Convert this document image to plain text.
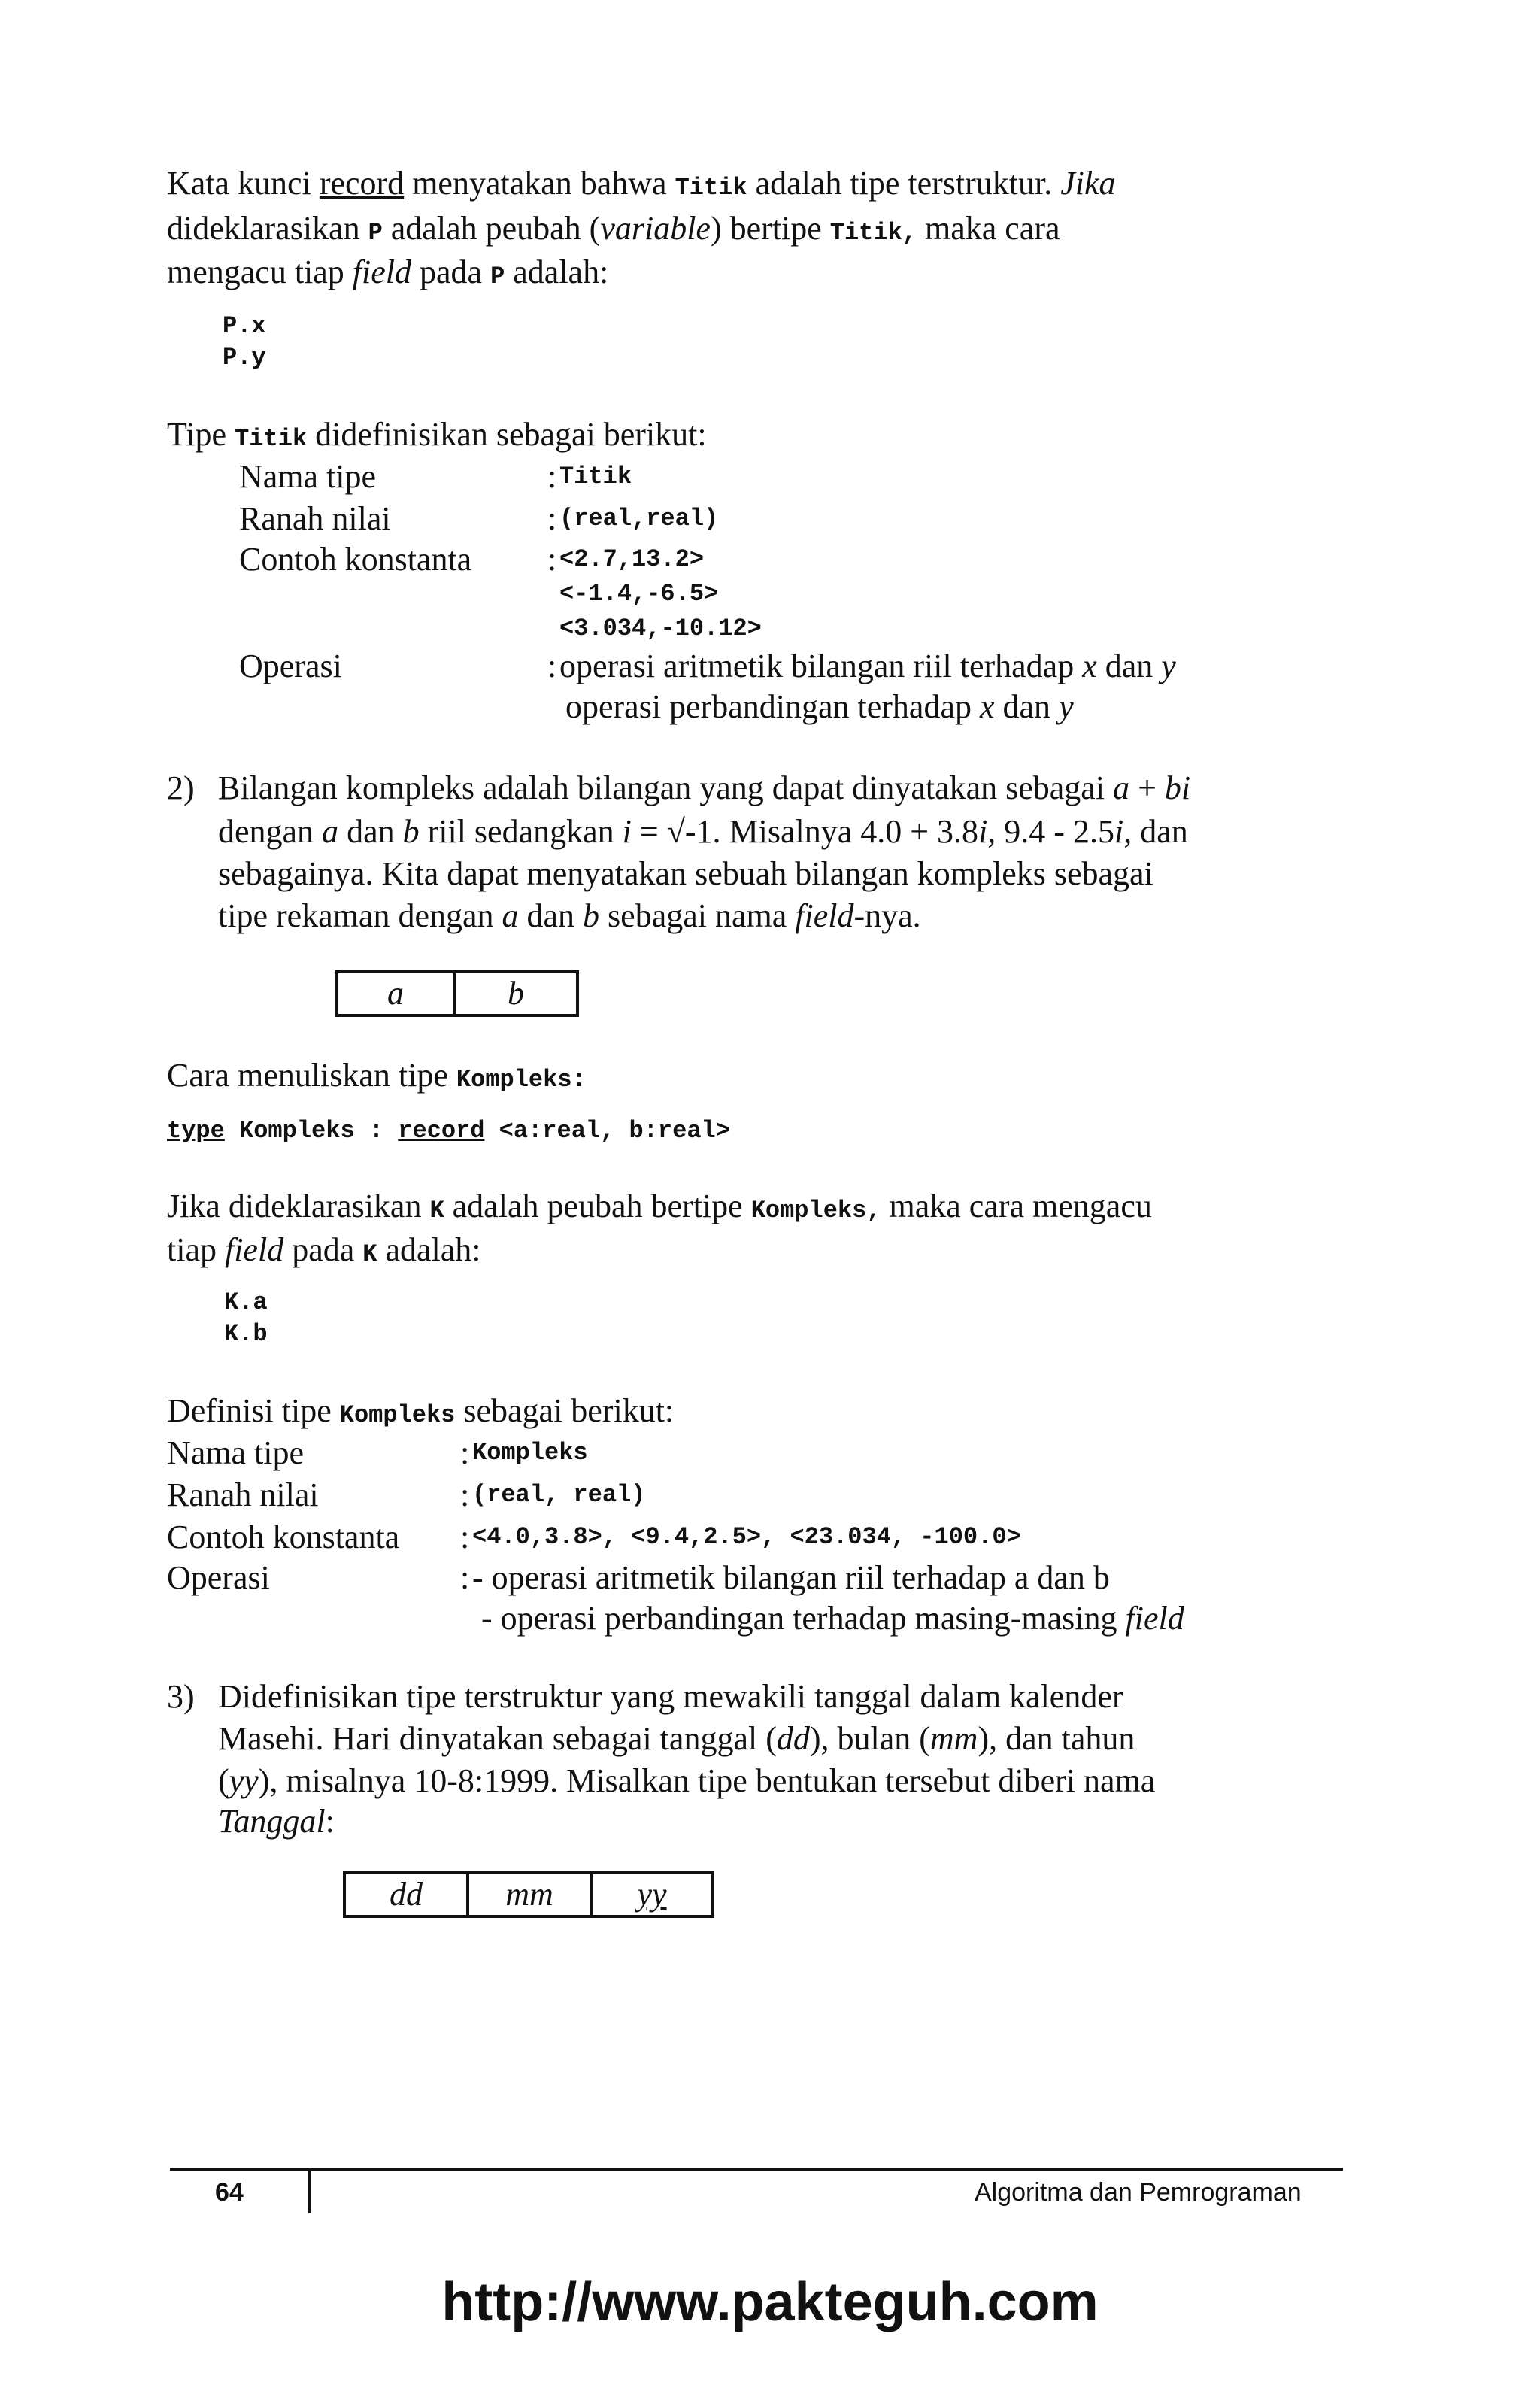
Kata kunci record menyatakan bahwa Titik adalah tipe terstruktur. Jika
dideklarasikan P adalah peubah (variable) bertipe Titik, maka cara
mengacu tiap field pada P adalah:
P.x
P.y
Tipe Titik didefinisikan sebagai berikut:
Nama tipe	: Titik
Ranah nilai	: (real,real)
Contoh konstanta : <2.7,13.2>
<-1.4,-6.5>
<3.034,-10.12>
Operasi	: operasi aritmetik bilangan riil terhadap x dan y
operasi perbandingan terhadap x dan y
2) Bilangan kompleks adalah bilangan yang dapat dinyatakan sebagai a + bi
dengan a dan b riil sedangkan i = √-1. Misalnya 4.0 + 3.8i, 9.4 - 2.5i, dan
sebagainya. Kita dapat menyatakan sebuah bilangan kompleks sebagai
tipe rekaman dengan a dan b sebagai nama field-nya.
a	b
Cara menuliskan tipe Kompleks:
type Kompleks : record <a:real, b:real>
Jika dideklarasikan K adalah peubah bertipe Kompleks, maka cara mengacu
tiap field pada K adalah:
K.a
K.b
Definisi tipe Kompleks sebagai berikut:
Nama tipe	: Kompleks
Ranah nilai	: (real, real)
Contoh konstanta : <4.0,3.8>, <9.4,2.5>, <23.034, -100.0>
Operasi	: - operasi aritmetik bilangan riil terhadap a dan b
- operasi perbandingan terhadap masing-masing field
3) Didefinisikan tipe terstruktur yang mewakili tanggal dalam kalender
Masehi. Hari dinyatakan sebagai tanggal (dd), bulan (mm), dan tahun
(yy), misalnya 10-8:1999. Misalkan tipe bentukan tersebut diberi nama
Tanggal:
dd	mm	yy
64	Algoritma dan Pemrograman
http://www.pakteguh.com
